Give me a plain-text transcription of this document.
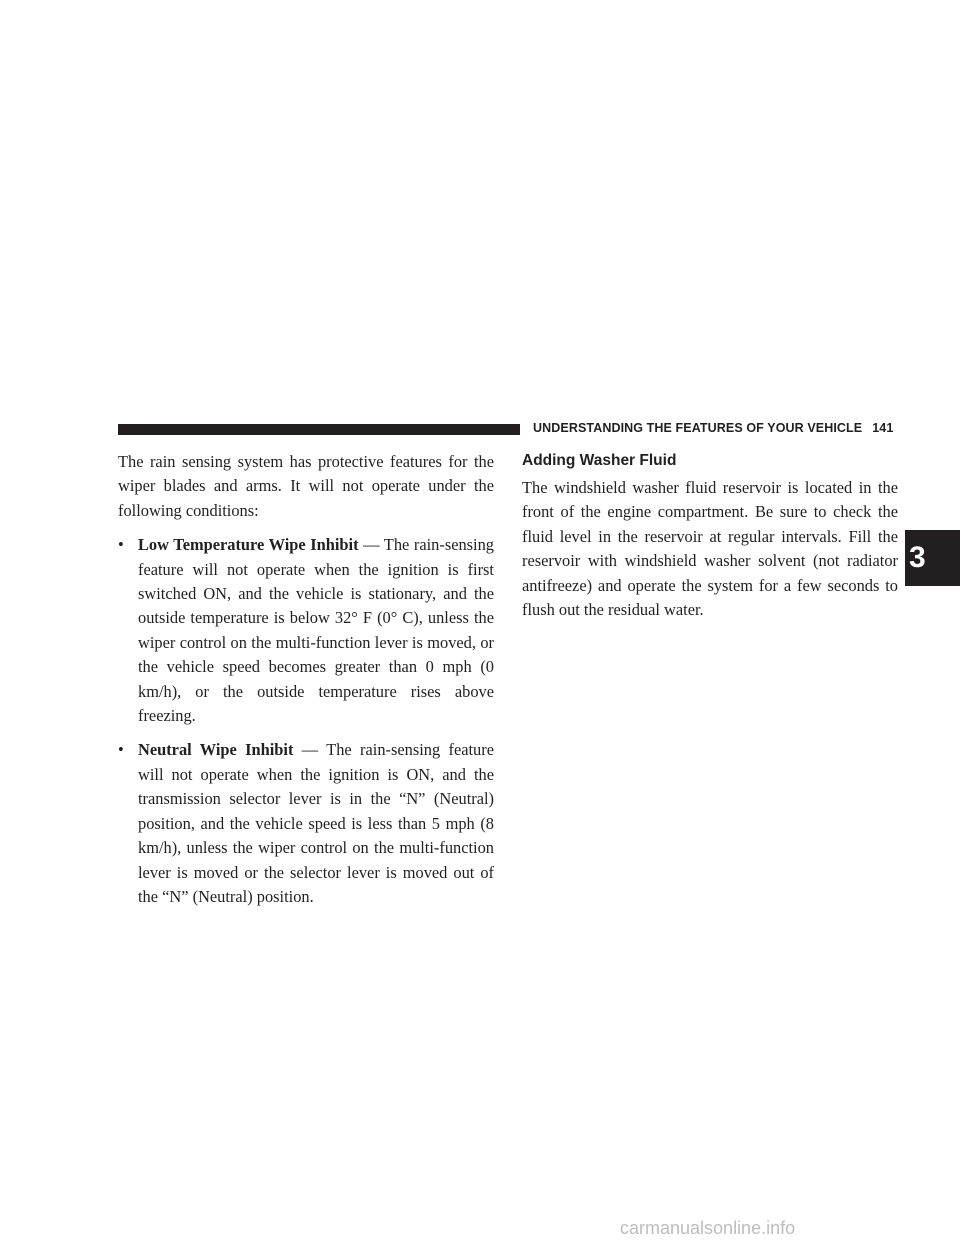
UNDERSTANDING THE FEATURES OF YOUR VEHICLE 141

The rain sensing system has protective features for the wiper blades and arms. It will not operate under the following conditions:

• Low Temperature Wipe Inhibit — The rain-sensing feature will not operate when the ignition is first switched ON, and the vehicle is stationary, and the outside temperature is below 32° F (0° C), unless the wiper control on the multi-function lever is moved, or the vehicle speed becomes greater than 0 mph (0 km/h), or the outside temperature rises above freezing.
• Neutral Wipe Inhibit — The rain-sensing feature will not operate when the ignition is ON, and the transmission selector lever is in the “N” (Neutral) position, and the vehicle speed is less than 5 mph (8 km/h), unless the wiper control on the multi-function lever is moved or the selector lever is moved out of the “N” (Neutral) position.
Adding Washer Fluid

The windshield washer fluid reservoir is located in the front of the engine compartment. Be sure to check the fluid level in the reservoir at regular intervals. Fill the reservoir with windshield washer solvent (not radiator antifreeze) and operate the system for a few seconds to flush out the residual water.

3
carmanualsonline.info
